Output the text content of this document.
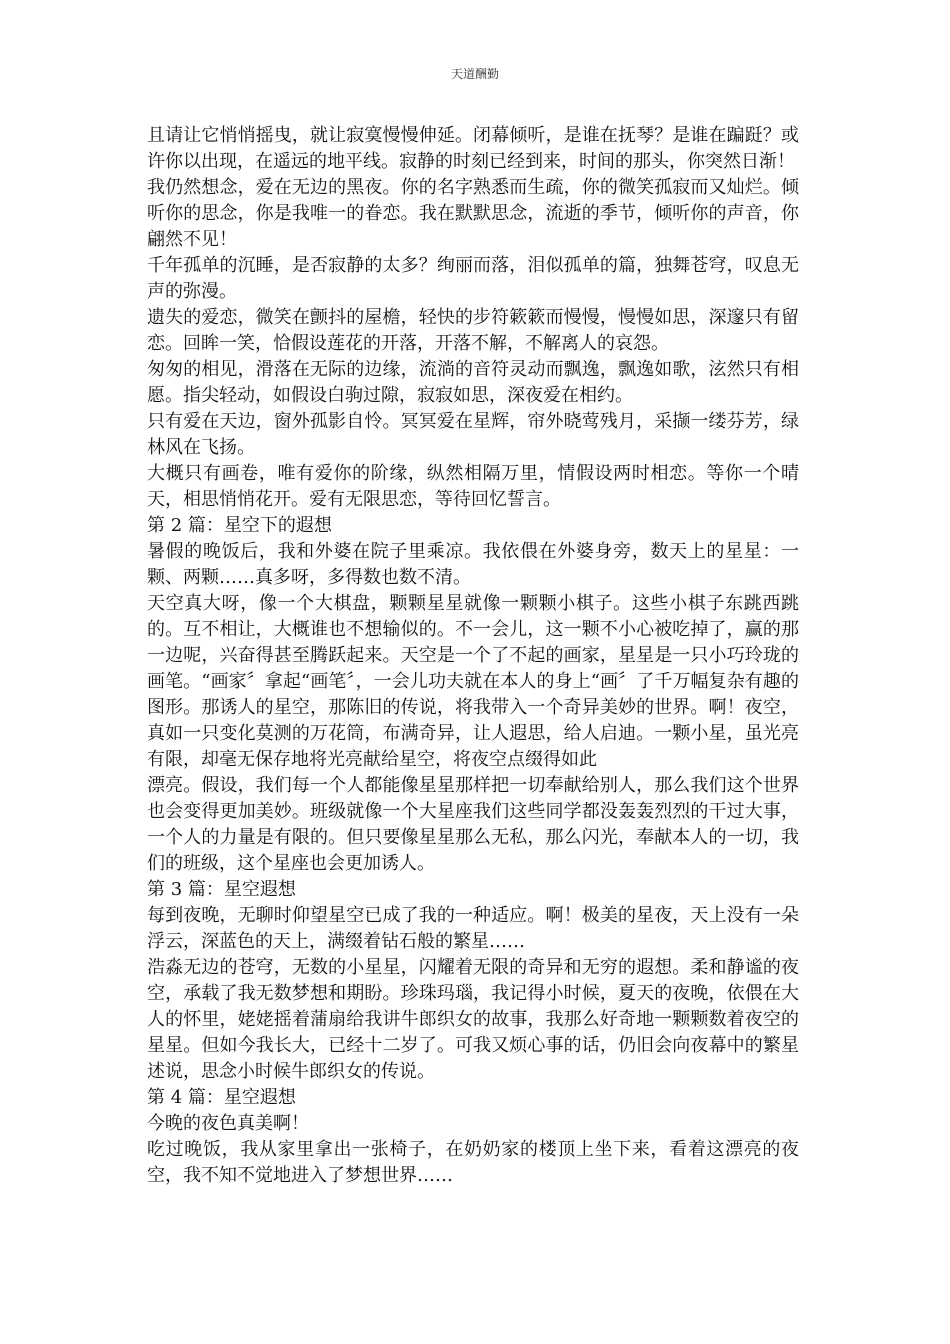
天道酬勤

且请让它悄悄摇曳，就让寂寞慢慢伸延。闭幕倾听，是谁在抚琴？是谁在蹁跹？或许你以出现，在遥远的地平线。寂静的时刻已经到来，时间的那头，你突然日渐！

我仍然想念，爱在无边的黑夜。你的名字熟悉而生疏，你的微笑孤寂而又灿烂。倾听你的思念，你是我唯一的眷恋。我在默默思念，流逝的季节，倾听你的声音，你翩然不见！

千年孤单的沉睡，是否寂静的太多？绚丽而落，泪似孤单的篇，独舞苍穹，叹息无声的弥漫。

遗失的爱恋，微笑在颤抖的屋檐，轻快的步符簌簌而慢慢，慢慢如思，深邃只有留恋。回眸一笑，恰假设莲花的开落，开落不解，不解离人的哀怨。

匆匆的相见，滑落在无际的边缘，流淌的音符灵动而飘逸，飘逸如歌，泫然只有相愿。指尖轻动，如假设白驹过隙，寂寂如思，深夜爱在相约。

只有爱在天边，窗外孤影自怜。冥冥爱在星辉，帘外晓莺残月，采撷一缕芬芳，绿林风在飞扬。

大概只有画卷，唯有爱你的阶缘，纵然相隔万里，情假设两时相恋。等你一个晴天，相思悄悄花开。爱有无限思恋，等待回忆誓言。

第 2 篇：星空下的遐想

暑假的晚饭后，我和外婆在院子里乘凉。我依偎在外婆身旁，数天上的星星：一颗、两颗……真多呀，多得数也数不清。

天空真大呀，像一个大棋盘，颗颗星星就像一颗颗小棋子。这些小棋子东跳西跳的。互不相让，大概谁也不想输似的。不一会儿，这一颗不小心被吃掉了，赢的那一边呢，兴奋得甚至腾跃起来。天空是一个了不起的画家，星星是一只小巧玲珑的画笔。“画家〞拿起“画笔〞，一会儿功夫就在本人的身上“画〞了千万幅复杂有趣的图形。那诱人的星空，那陈旧的传说，将我带入一个奇异美妙的世界。啊！夜空，真如一只变化莫测的万花筒，布满奇异，让人遐思，给人启迪。一颗小星，虽光亮有限，却毫无保存地将光亮献给星空，将夜空点缀得如此

漂亮。假设，我们每一个人都能像星星那样把一切奉献给别人，那么我们这个世界也会变得更加美妙。班级就像一个大星座我们这些同学都没轰轰烈烈的干过大事，一个人的力量是有限的。但只要像星星那么无私，那么闪光，奉献本人的一切，我们的班级，这个星座也会更加诱人。

第 3 篇：星空遐想

每到夜晚，无聊时仰望星空已成了我的一种适应。啊！极美的星夜，天上没有一朵浮云，深蓝色的天上，满缀着钻石般的繁星……

浩淼无边的苍穹，无数的小星星，闪耀着无限的奇异和无穷的遐想。柔和静谧的夜空，承载了我无数梦想和期盼。珍珠玛瑙，我记得小时候，夏天的夜晚，依偎在大人的怀里，姥姥摇着蒲扇给我讲牛郎织女的故事，我那么好奇地一颗颗数着夜空的星星。但如今我长大，已经十二岁了。可我又烦心事的话，仍旧会向夜幕中的繁星述说，思念小时候牛郎织女的传说。

第 4 篇：星空遐想

今晚的夜色真美啊！

吃过晚饭，我从家里拿出一张椅子，在奶奶家的楼顶上坐下来，看着这漂亮的夜空，我不知不觉地进入了梦想世界……
